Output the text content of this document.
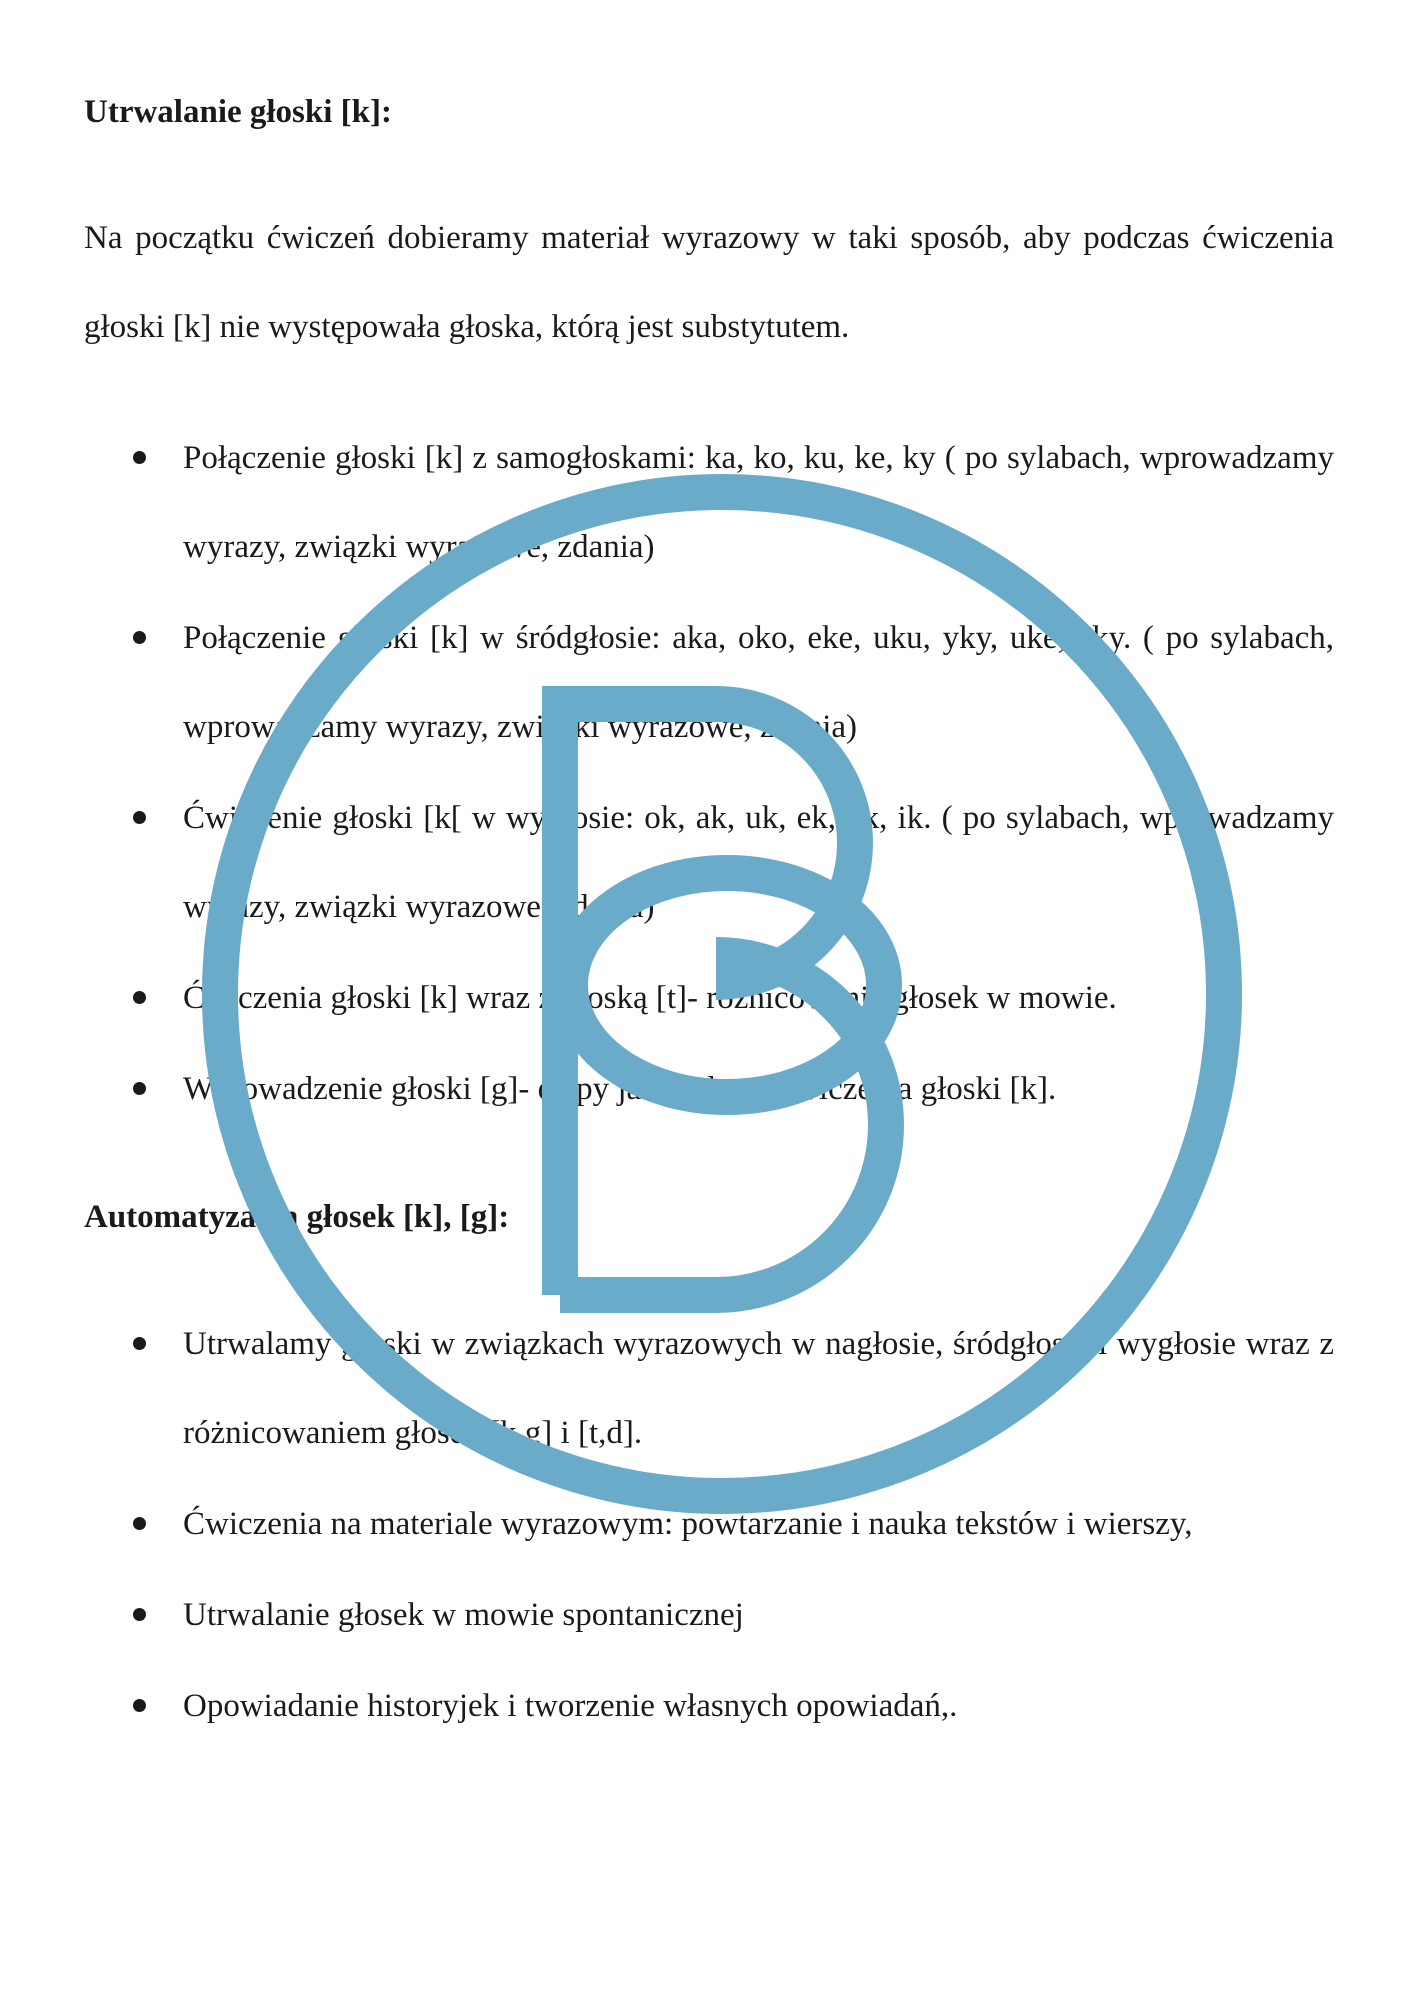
Utrwalanie głoski [k]:

Na początku ćwiczeń dobieramy materiał wyrazowy w taki sposób, aby podczas ćwiczenia głoski [k] nie występowała głoska, którą jest substytutem.

Połączenie głoski [k] z samogłoskami: ka, ko, ku, ke, ky ( po sylabach, wprowadzamy wyrazy, związki wyrazowe, zdania)
Połączenie głoski [k] w śródgłosie: aka, oko, eke, uku, yky, uke, aky. ( po sylabach, wprowadzamy wyrazy, związki wyrazowe, zdania)
Ćwiczenie głoski [k[ w wygłosie: ok, ak, uk, ek, yk, ik. ( po sylabach, wprowadzamy wyrazy, związki wyrazowe, zdania)
Ćwiczenia głoski [k] wraz z głoską [t]- różnicowanie głosek w mowie.
Wprowadzenie głoski [g]- etapy jak podczas ćwiczenia głoski [k].
Automatyzacja głosek [k], [g]:
Utrwalamy głoski w związkach wyrazowych w nagłosie, śródgłosie i wygłosie wraz z różnicowaniem głosek [k,g] i [t,d].
Ćwiczenia na materiale wyrazowym: powtarzanie i nauka tekstów i wierszy,
Utrwalanie głosek w mowie spontanicznej
Opowiadanie historyjek i tworzenie własnych opowiadań,.
